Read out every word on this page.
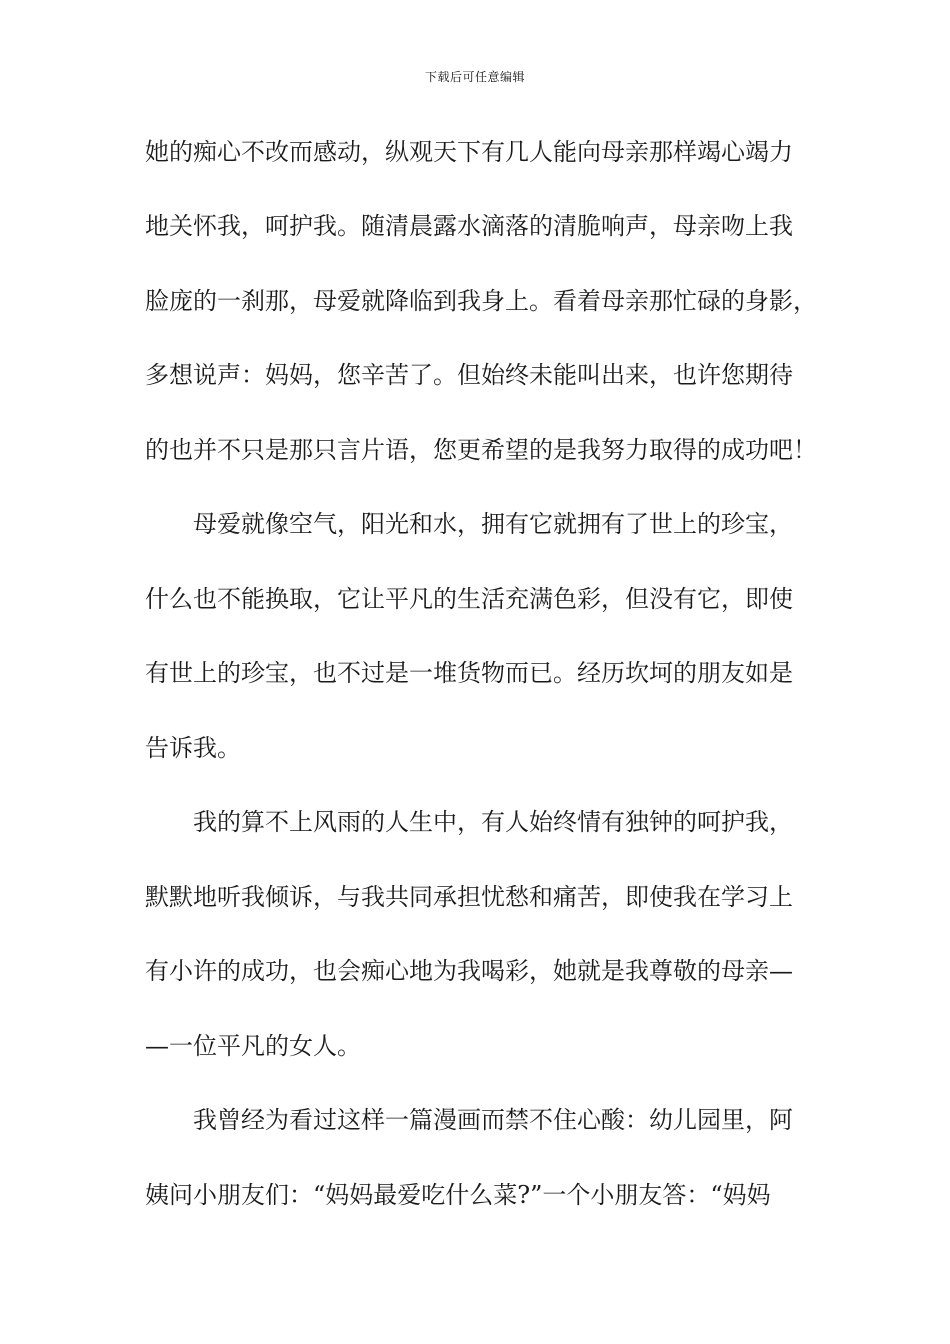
下载后可任意编辑
她的痴心不改而感动，纵观天下有几人能向母亲那样竭心竭力
地关怀我，呵护我。随清晨露水滴落的清脆响声，母亲吻上我
脸庞的一刹那，母爱就降临到我身上。看着母亲那忙碌的身影，
多想说声：妈妈，您辛苦了。但始终未能叫出来，也许您期待
的也并不只是那只言片语，您更希望的是我努力取得的成功吧！
母爱就像空气，阳光和水，拥有它就拥有了世上的珍宝，
什么也不能换取，它让平凡的生活充满色彩，但没有它，即使
有世上的珍宝，也不过是一堆货物而已。经历坎坷的朋友如是
告诉我。
我的算不上风雨的人生中，有人始终情有独钟的呵护我，
默默地听我倾诉，与我共同承担忧愁和痛苦，即使我在学习上
有小许的成功，也会痴心地为我喝彩，她就是我尊敬的母亲—
—一位平凡的女人。
我曾经为看过这样一篇漫画而禁不住心酸：幼儿园里，阿
姨问小朋友们：“妈妈最爱吃什么菜?”一个小朋友答：“妈妈
